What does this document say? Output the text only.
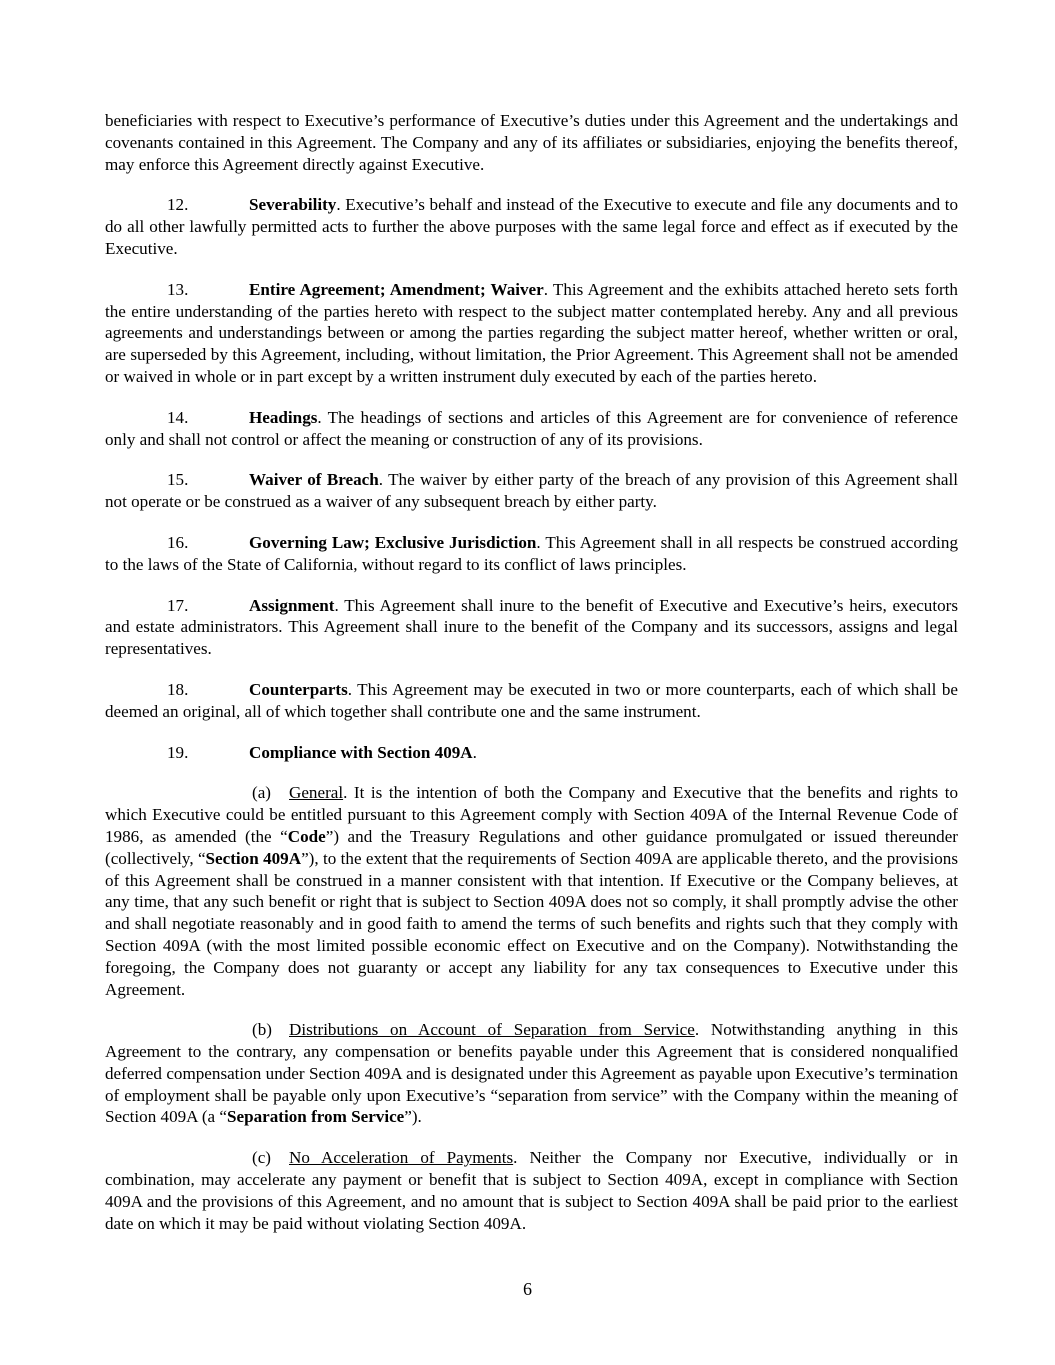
beneficiaries with respect to Executive’s performance of Executive’s duties under this Agreement and the undertakings and covenants contained in this Agreement. The Company and any of its affiliates or subsidiaries, enjoying the benefits thereof, may enforce this Agreement directly against Executive.

12.	Severability. Executive’s behalf and instead of the Executive to execute and file any documents and to do all other lawfully permitted acts to further the above purposes with the same legal force and effect as if executed by the Executive.

13.	Entire Agreement; Amendment; Waiver. This Agreement and the exhibits attached hereto sets forth the entire understanding of the parties hereto with respect to the subject matter contemplated hereby. Any and all previous agreements and understandings between or among the parties regarding the subject matter hereof, whether written or oral, are superseded by this Agreement, including, without limitation, the Prior Agreement. This Agreement shall not be amended or waived in whole or in part except by a written instrument duly executed by each of the parties hereto.

14.	Headings. The headings of sections and articles of this Agreement are for convenience of reference only and shall not control or affect the meaning or construction of any of its provisions.

15.	Waiver of Breach. The waiver by either party of the breach of any provision of this Agreement shall not operate or be construed as a waiver of any subsequent breach by either party.

16.	Governing Law; Exclusive Jurisdiction. This Agreement shall in all respects be construed according to the laws of the State of California, without regard to its conflict of laws principles.

17.	Assignment. This Agreement shall inure to the benefit of Executive and Executive’s heirs, executors and estate administrators. This Agreement shall inure to the benefit of the Company and its successors, assigns and legal representatives.

18.	Counterparts. This Agreement may be executed in two or more counterparts, each of which shall be deemed an original, all of which together shall contribute one and the same instrument.

19.	Compliance with Section 409A.

(a) General. It is the intention of both the Company and Executive that the benefits and rights to which Executive could be entitled pursuant to this Agreement comply with Section 409A of the Internal Revenue Code of 1986, as amended (the “Code”) and the Treasury Regulations and other guidance promulgated or issued thereunder (collectively, “Section 409A”), to the extent that the requirements of Section 409A are applicable thereto, and the provisions of this Agreement shall be construed in a manner consistent with that intention. If Executive or the Company believes, at any time, that any such benefit or right that is subject to Section 409A does not so comply, it shall promptly advise the other and shall negotiate reasonably and in good faith to amend the terms of such benefits and rights such that they comply with Section 409A (with the most limited possible economic effect on Executive and on the Company). Notwithstanding the foregoing, the Company does not guaranty or accept any liability for any tax consequences to Executive under this Agreement.

(b) Distributions on Account of Separation from Service. Notwithstanding anything in this Agreement to the contrary, any compensation or benefits payable under this Agreement that is considered nonqualified deferred compensation under Section 409A and is designated under this Agreement as payable upon Executive’s termination of employment shall be payable only upon Executive’s “separation from service” with the Company within the meaning of Section 409A (a “Separation from Service”).

(c) No Acceleration of Payments. Neither the Company nor Executive, individually or in combination, may accelerate any payment or benefit that is subject to Section 409A, except in compliance with Section 409A and the provisions of this Agreement, and no amount that is subject to Section 409A shall be paid prior to the earliest date on which it may be paid without violating Section 409A.

6
